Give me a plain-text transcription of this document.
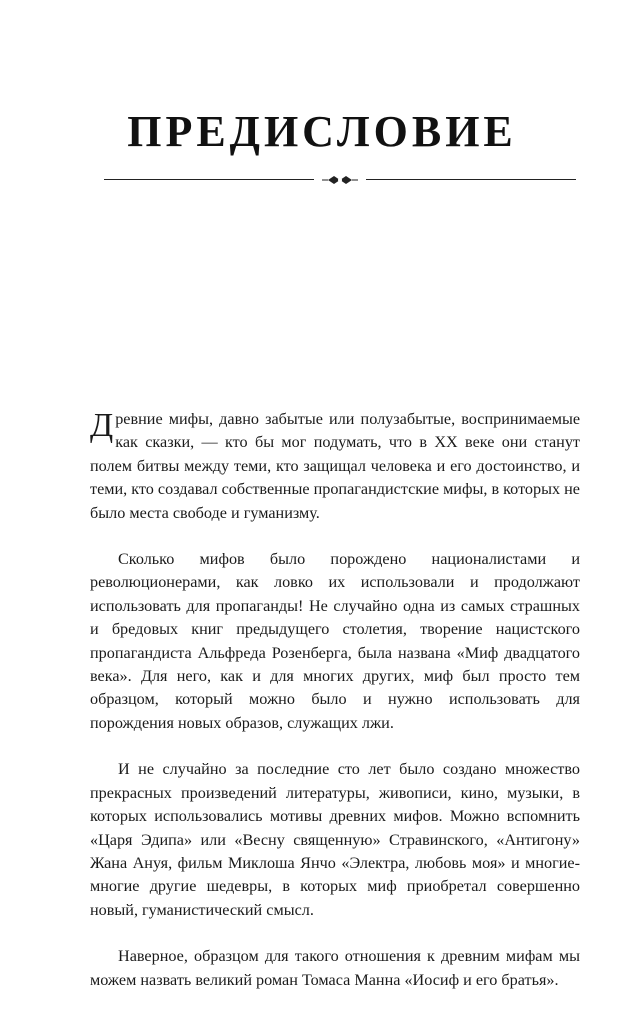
ПРЕДИСЛОВИЕ

Древние мифы, давно забытые или полузабытые, воспринимаемые как сказки, — кто бы мог подумать, что в XX веке они станут полем битвы между теми, кто защищал человека и его достоинство, и теми, кто создавал собственные пропагандистские мифы, в которых не было места свободе и гуманизму.

Сколько мифов было порождено националистами и революционерами, как ловко их использовали и продолжают использовать для пропаганды! Не случайно одна из самых страшных и бредовых книг предыдущего столетия, творение нацистского пропагандиста Альфреда Розенберга, была названа «Миф двадцатого века». Для него, как и для многих других, миф был просто тем образцом, который можно было и нужно использовать для порождения новых образов, служащих лжи.

И не случайно за последние сто лет было создано множество прекрасных произведений литературы, живописи, кино, музыки, в которых использовались мотивы древних мифов. Можно вспомнить «Царя Эдипа» или «Весну священную» Стравинского, «Антигону» Жана Ануя, фильм Миклоша Янчо «Электра, любовь моя» и многие-многие другие шедевры, в которых миф приобретал совершенно новый, гуманистический смысл.

Наверное, образцом для такого отношения к древним мифам мы можем назвать великий роман Томаса Манна «Иосиф и его братья».
